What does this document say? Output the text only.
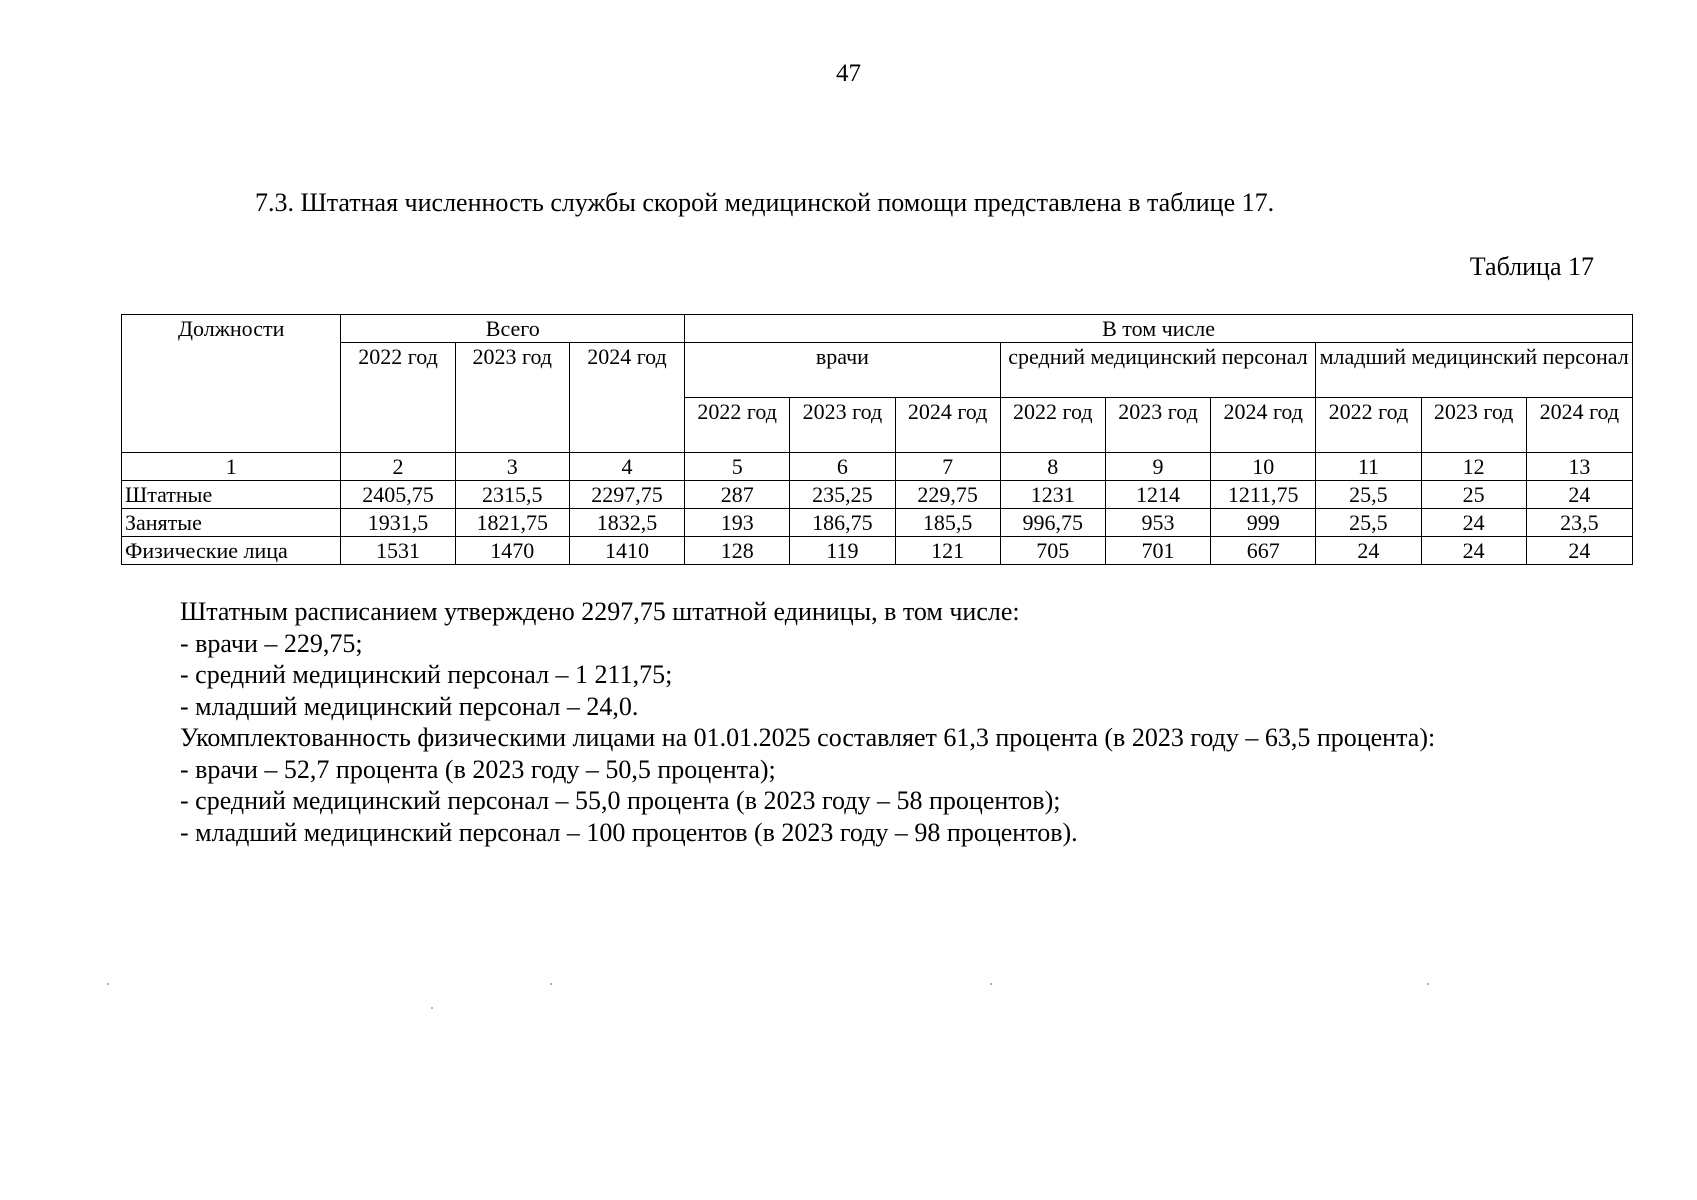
47
7.3. Штатная численность службы скорой медицинской помощи представлена в таблице 17.
Таблица 17
Должности	Всего			В том числе								
	2022 год	2023 год	2024 год	врачи			средний медицинский персонал			младший медицинский персонал		
				2022 год	2023 год	2024 год	2022 год	2023 год	2024 год	2022 год	2023 год	2024 год
1	2	3	4	5	6	7	8	9	10	11	12	13
Штатные	2405,75	2315,5	2297,75	287	235,25	229,75	1231	1214	1211,75	25,5	25	24
Занятые	1931,5	1821,75	1832,5	193	186,75	185,5	996,75	953	999	25,5	24	23,5
Физические лица	1531	1470	1410	128	119	121	705	701	667	24	24	24

Штатным расписанием утверждено 2297,75 штатной единицы, в том числе:

- врачи – 229,75;

- средний медицинский персонал – 1 211,75;

- младший медицинский персонал – 24,0.

Укомплектованность физическими лицами на 01.01.2025 составляет 61,3 процента (в 2023 году – 63,5 процента):

- врачи – 52,7 процента (в 2023 году – 50,5 процента);

- средний медицинский персонал – 55,0 процента (в 2023 году – 58 процентов);

- младший медицинский персонал – 100 процентов (в 2023 году – 98 процентов).
